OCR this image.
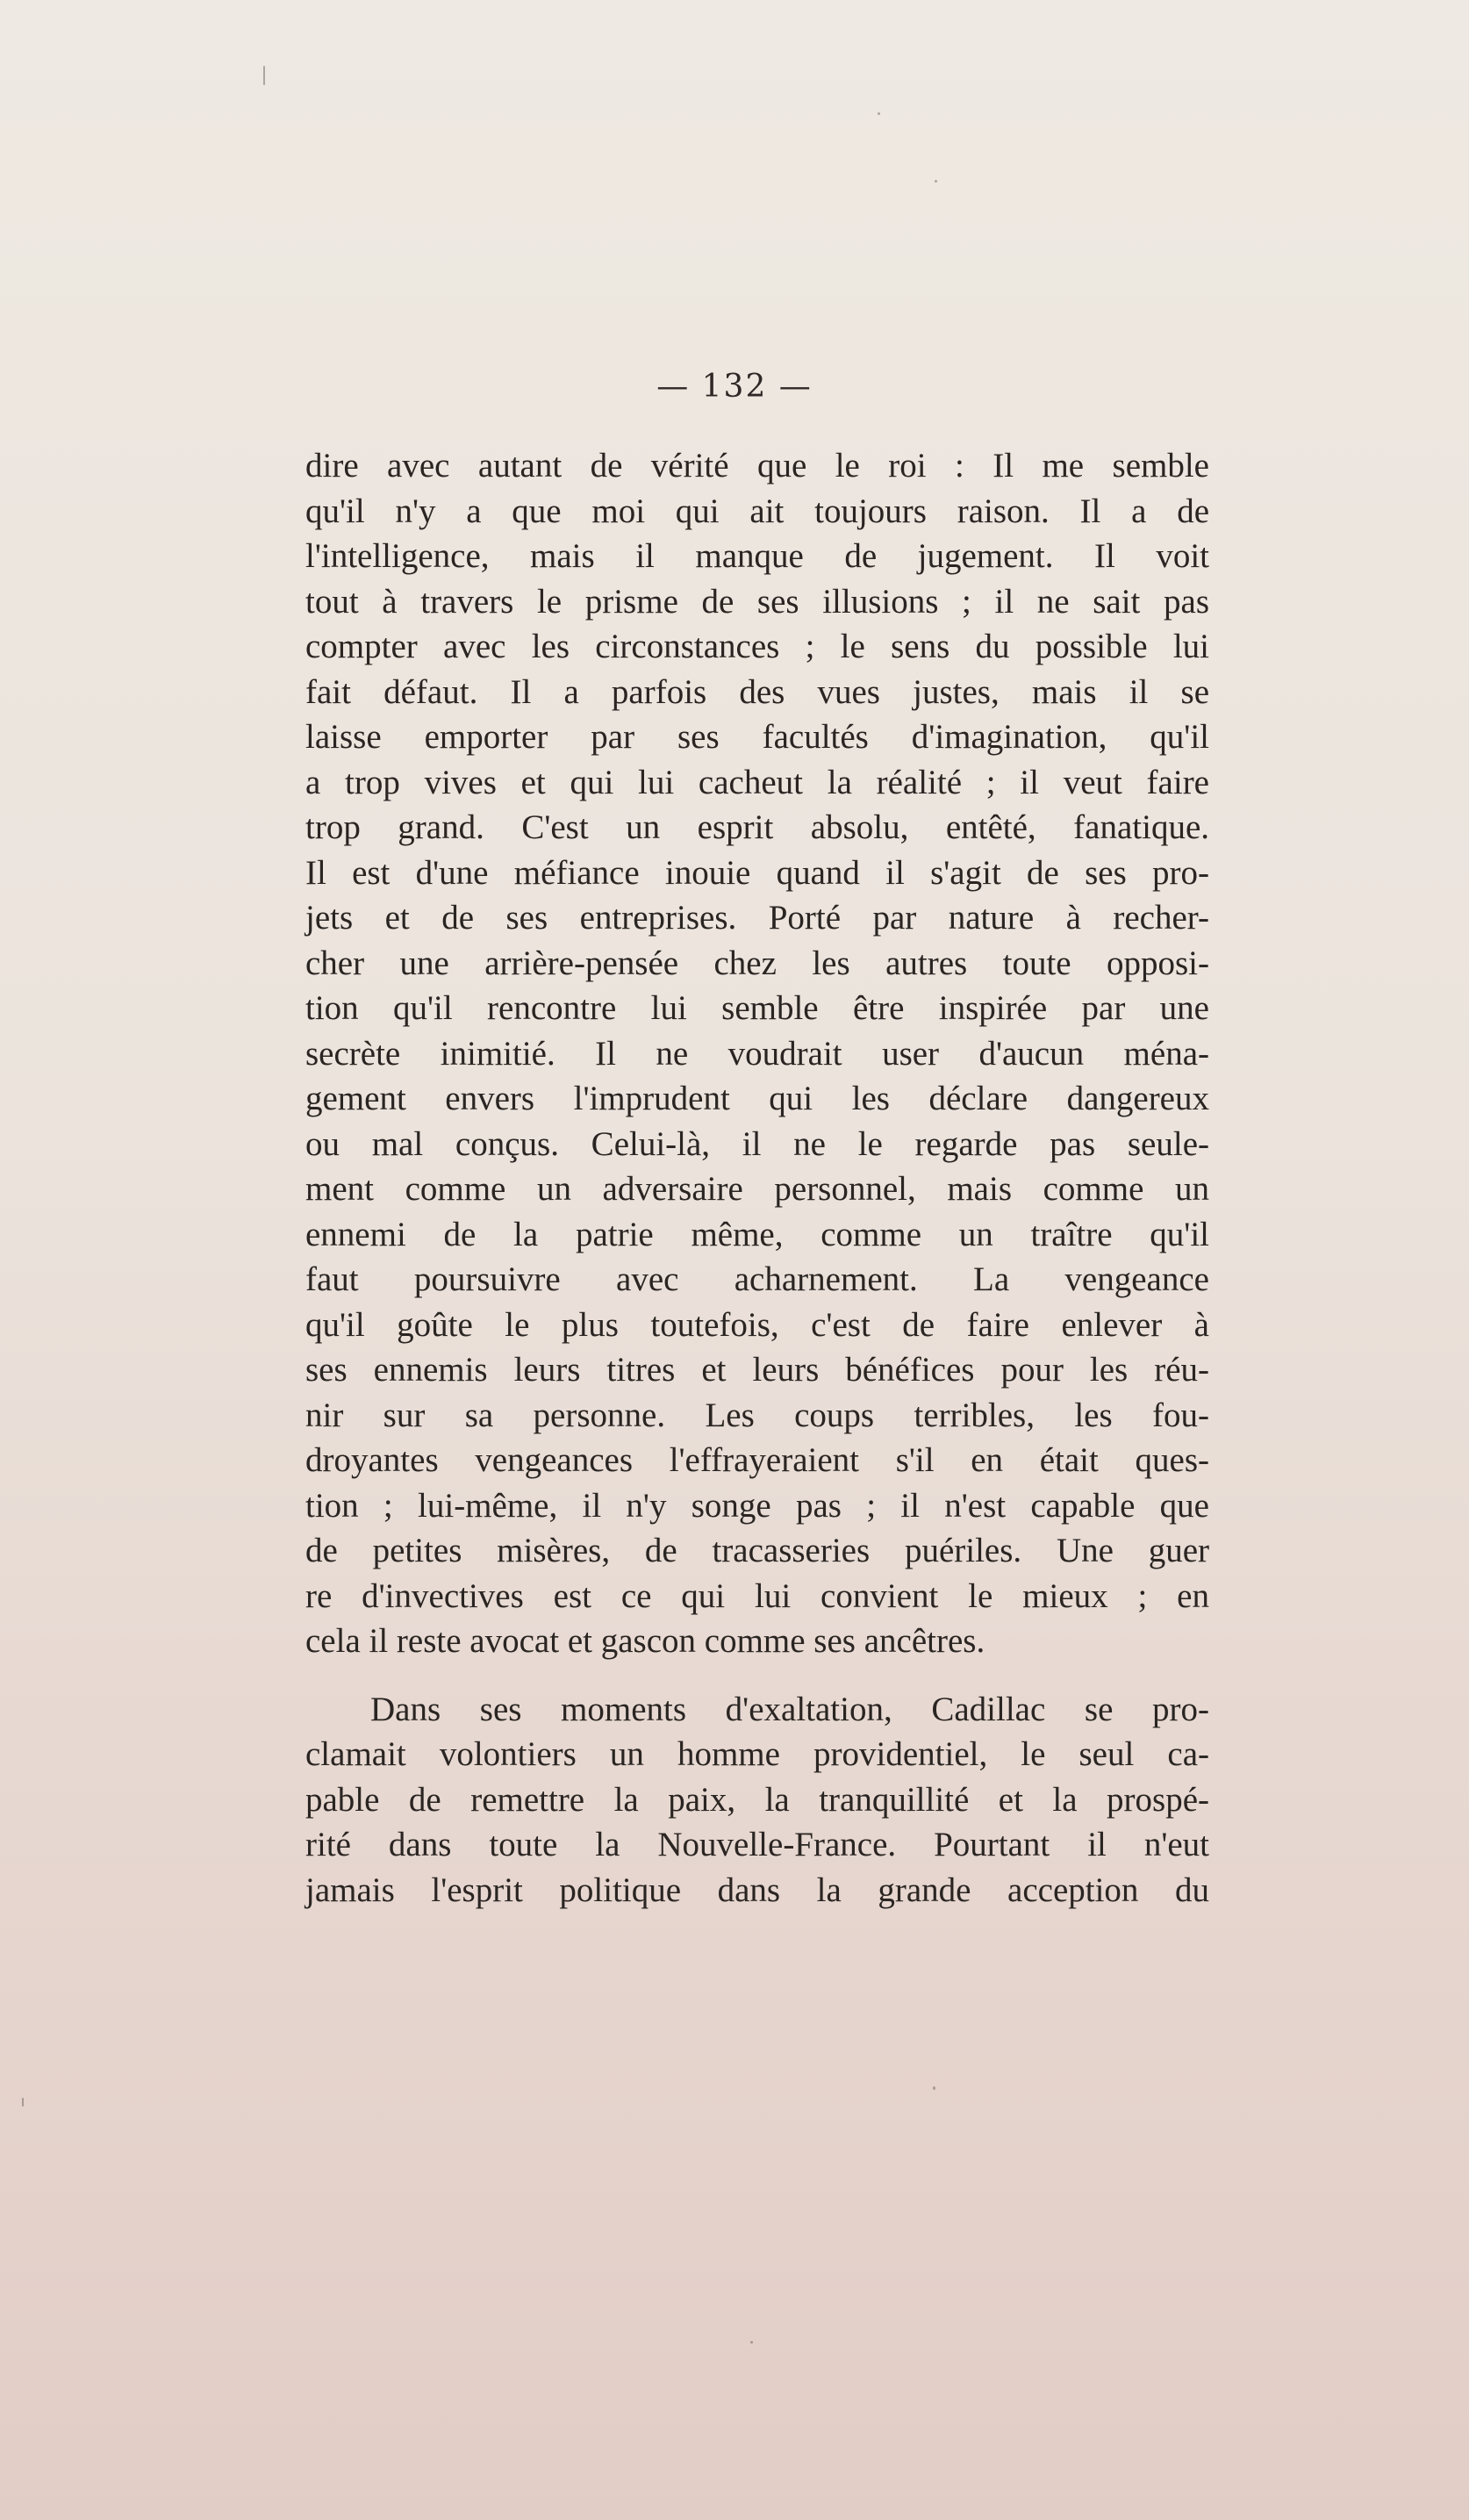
— 132 —

dire avec autant de vérité que le roi : Il me semble

qu'il n'y a que moi qui ait toujours raison. Il a de

l'intelligence, mais il manque de jugement. Il voit

tout à travers le prisme de ses illusions ; il ne sait pas

compter avec les circonstances ; le sens du possible lui

fait défaut. Il a parfois des vues justes, mais il se

laisse emporter par ses facultés d'imagination, qu'il

a trop vives et qui lui cacheut la réalité ; il veut faire

trop grand. C'est un esprit absolu, entêté, fanatique.

Il est d'une méfiance inouie quand il s'agit de ses pro-

jets et de ses entreprises. Porté par nature à recher-

cher une arrière-pensée chez les autres toute opposi-

tion qu'il rencontre lui semble être inspirée par une

secrète inimitié. Il ne voudrait user d'aucun ména-

gement envers l'imprudent qui les déclare dangereux

ou mal conçus. Celui-là, il ne le regarde pas seule-

ment comme un adversaire personnel, mais comme un

ennemi de la patrie même, comme un traître qu'il

faut poursuivre avec acharnement. La vengeance

qu'il goûte le plus toutefois, c'est de faire enlever à

ses ennemis leurs titres et leurs bénéfices pour les réu-

nir sur sa personne. Les coups terribles, les fou-

droyantes vengeances l'effrayeraient s'il en était ques-

tion ; lui-même, il n'y songe pas ; il n'est capable que

de petites misères, de tracasseries puériles. Une guer

re d'invectives est ce qui lui convient le mieux ; en

cela il reste avocat et gascon comme ses ancêtres.

Dans ses moments d'exaltation, Cadillac se pro-

clamait volontiers un homme providentiel, le seul ca-

pable de remettre la paix, la tranquillité et la prospé-

rité dans toute la Nouvelle-France. Pourtant il n'eut

jamais l'esprit politique dans la grande acception du
